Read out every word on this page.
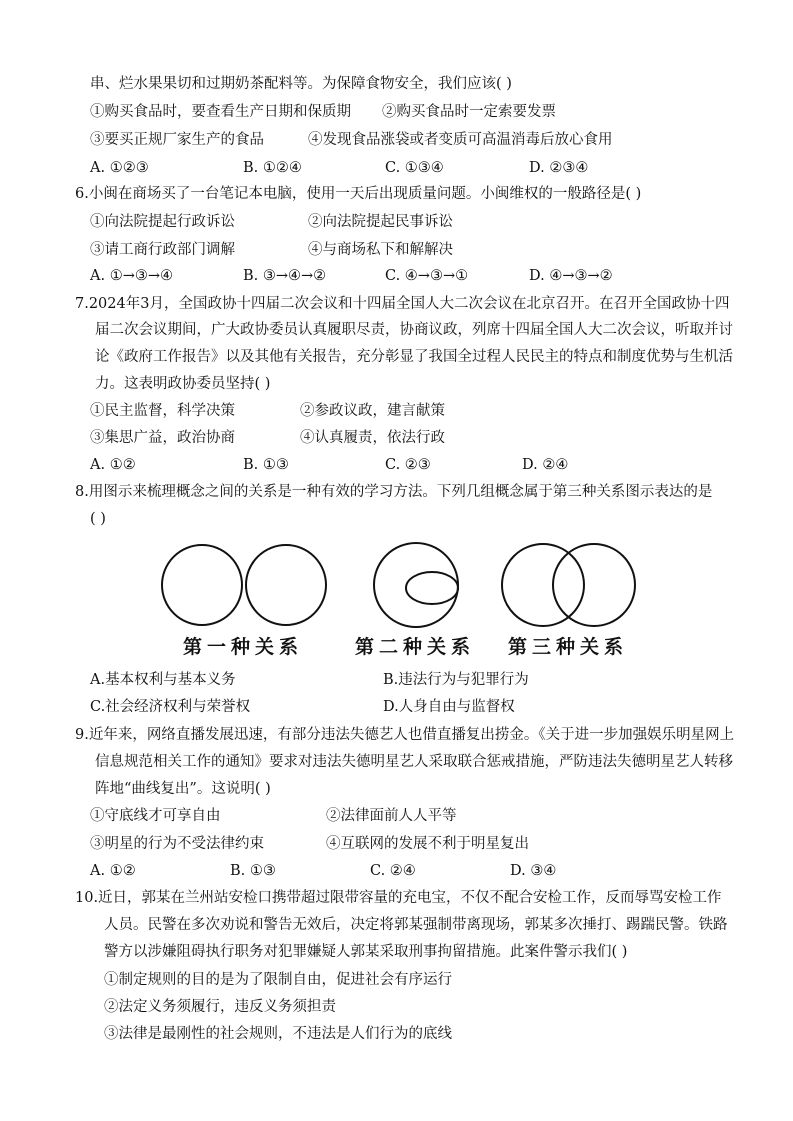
串、烂水果果切和过期奶茶配料等。为保障食物安全，我们应该( )
①购买食品时，要查看生产日期和保质期 ②购买食品时一定索要发票
③要买正规厂家生产的食品	④发现食品涨袋或者变质可高温消毒后放心食用
A. ①②③	B. ①②④	C. ①③④	D. ②③④
6.小闽在商场买了一台笔记本电脑，使用一天后出现质量问题。小闽维权的一般路径是( )
①向法院提起行政诉讼	②向法院提起民事诉讼
③请工商行政部门调解	④与商场私下和解解决
A. ①→③→④	B. ③→④→②	C. ④→③→①	D. ④→③→②
7.2024年3月，全国政协十四届二次会议和十四届全国人大二次会议在北京召开。在召开全国政协十四
届二次会议期间，广大政协委员认真履职尽责，协商议政，列席十四届全国人大二次会议，听取并讨
论《政府工作报告》以及其他有关报告，充分彰显了我国全过程人民民主的特点和制度优势与生机活
力。这表明政协委员坚持( )
①民主监督，科学决策	②参政议政，建言献策
③集思广益，政治协商	④认真履责，依法行政
A. ①②	B. ①③	C. ②③	D. ②④
8.用图示来梳理概念之间的关系是一种有效的学习方法。下列几组概念属于第三种关系图示表达的是
( )
第一种关系	第二种关系 第三种关系
A.基本权利与基本义务	B.违法行为与犯罪行为
C.社会经济权利与荣誉权	D.人身自由与监督权
9.近年来，网络直播发展迅速，有部分违法失德艺人也借直播复出捞金。《关于进一步加强娱乐明星网上
信息规范相关工作的通知》要求对违法失德明星艺人采取联合惩戒措施，严防违法失德明星艺人转移
阵地“曲线复出”。这说明( )
①守底线才可享自由	②法律面前人人平等
③明星的行为不受法律约束	④互联网的发展不利于明星复出
A. ①②	B. ①③	C. ②④	D. ③④
10.近日，郭某在兰州站安检口携带超过限带容量的充电宝，不仅不配合安检工作，反而辱骂安检工作
人员。民警在多次劝说和警告无效后，决定将郭某强制带离现场，郭某多次捶打、踢踹民警。铁路
警方以涉嫌阻碍执行职务对犯罪嫌疑人郭某采取刑事拘留措施。此案件警示我们( )
①制定规则的目的是为了限制自由，促进社会有序运行
②法定义务须履行，违反义务须担责
③法律是最刚性的社会规则，不违法是人们行为的底线
